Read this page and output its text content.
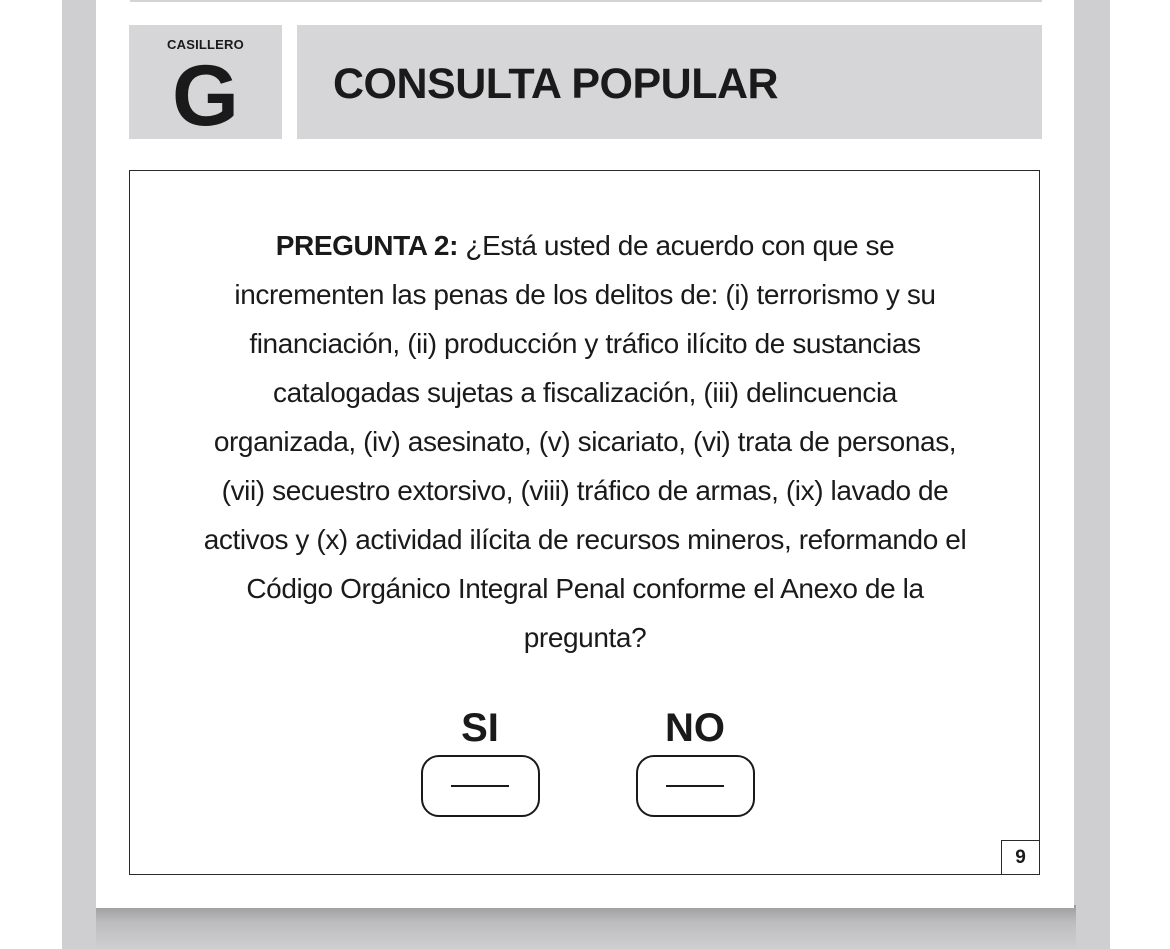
CASILLERO
G	CONSULTA POPULAR
PREGUNTA 2: ¿Está usted de acuerdo con que se incrementen las penas de los delitos de: (i) terrorismo y su financiación, (ii) producción y tráfico ilícito de sustancias catalogadas sujetas a fiscalización, (iii) delincuencia organizada, (iv) asesinato, (v) sicariato, (vi) trata de personas, (vii) secuestro extorsivo, (viii) tráfico de armas, (ix) lavado de activos y (x) actividad ilícita de recursos mineros, reformando el Código Orgánico Integral Penal conforme el Anexo de la pregunta?
SI	NO
9
